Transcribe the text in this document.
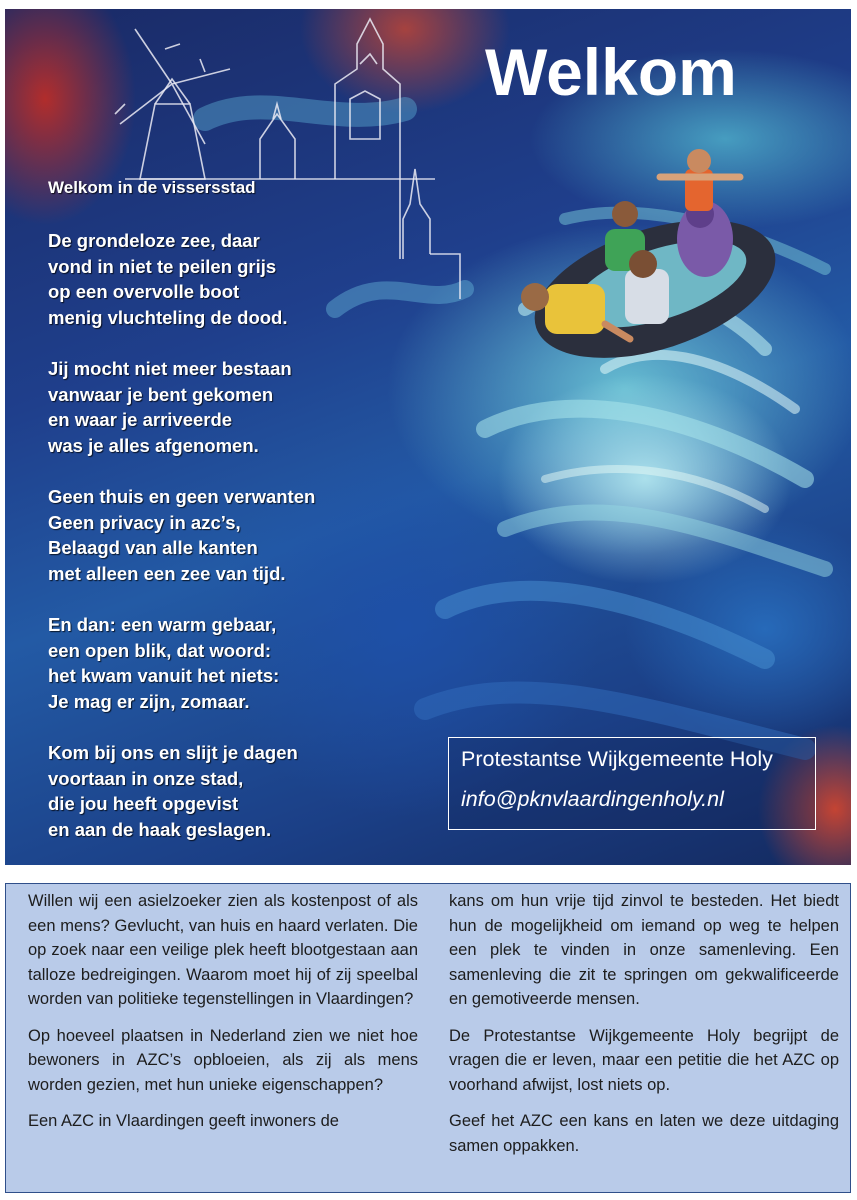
Welkom
Welkom in de vissersstad
De grondeloze zee, daar
vond in niet te peilen grijs
op een overvolle boot
menig vluchteling de dood.
Jij mocht niet meer bestaan
vanwaar je bent gekomen
en waar je arriveerde
was je alles afgenomen.
Geen thuis en geen verwanten
Geen privacy in azc’s,
Belaagd van alle kanten
met alleen een zee van tijd.
En dan: een warm gebaar,
een open blik, dat woord:
het kwam vanuit het niets:
Je mag er zijn, zomaar.
Kom bij ons en slijt je dagen
voortaan in onze stad,
die jou heeft opgevist
en aan de haak geslagen.
Protestantse Wijkgemeente Holy
info@pknvlaardingenholy.nl

Willen wij een asielzoeker zien als kostenpost of als een mens? Gevlucht, van huis en haard verlaten. Die op zoek naar een veilige plek heeft blootgestaan aan talloze bedreigingen. Waarom moet hij of zij speelbal worden van politieke tegenstellingen in Vlaardingen?

Op hoeveel plaatsen in Nederland zien we niet hoe bewoners in AZC’s opbloeien, als zij als mens worden gezien, met hun unieke eigenschappen?

Een AZC in Vlaardingen geeft inwoners de

kans om hun vrije tijd zinvol te besteden. Het biedt hun de mogelijkheid om iemand op weg te helpen een plek te vinden in onze samenleving. Een samenleving die zit te springen om gekwalificeerde en gemotiveerde mensen.

De Protestantse Wijkgemeente Holy begrijpt de vragen die er leven, maar een petitie die het AZC op voorhand afwijst, lost niets op.

Geef het AZC een kans en laten we deze uitdaging samen oppakken.
